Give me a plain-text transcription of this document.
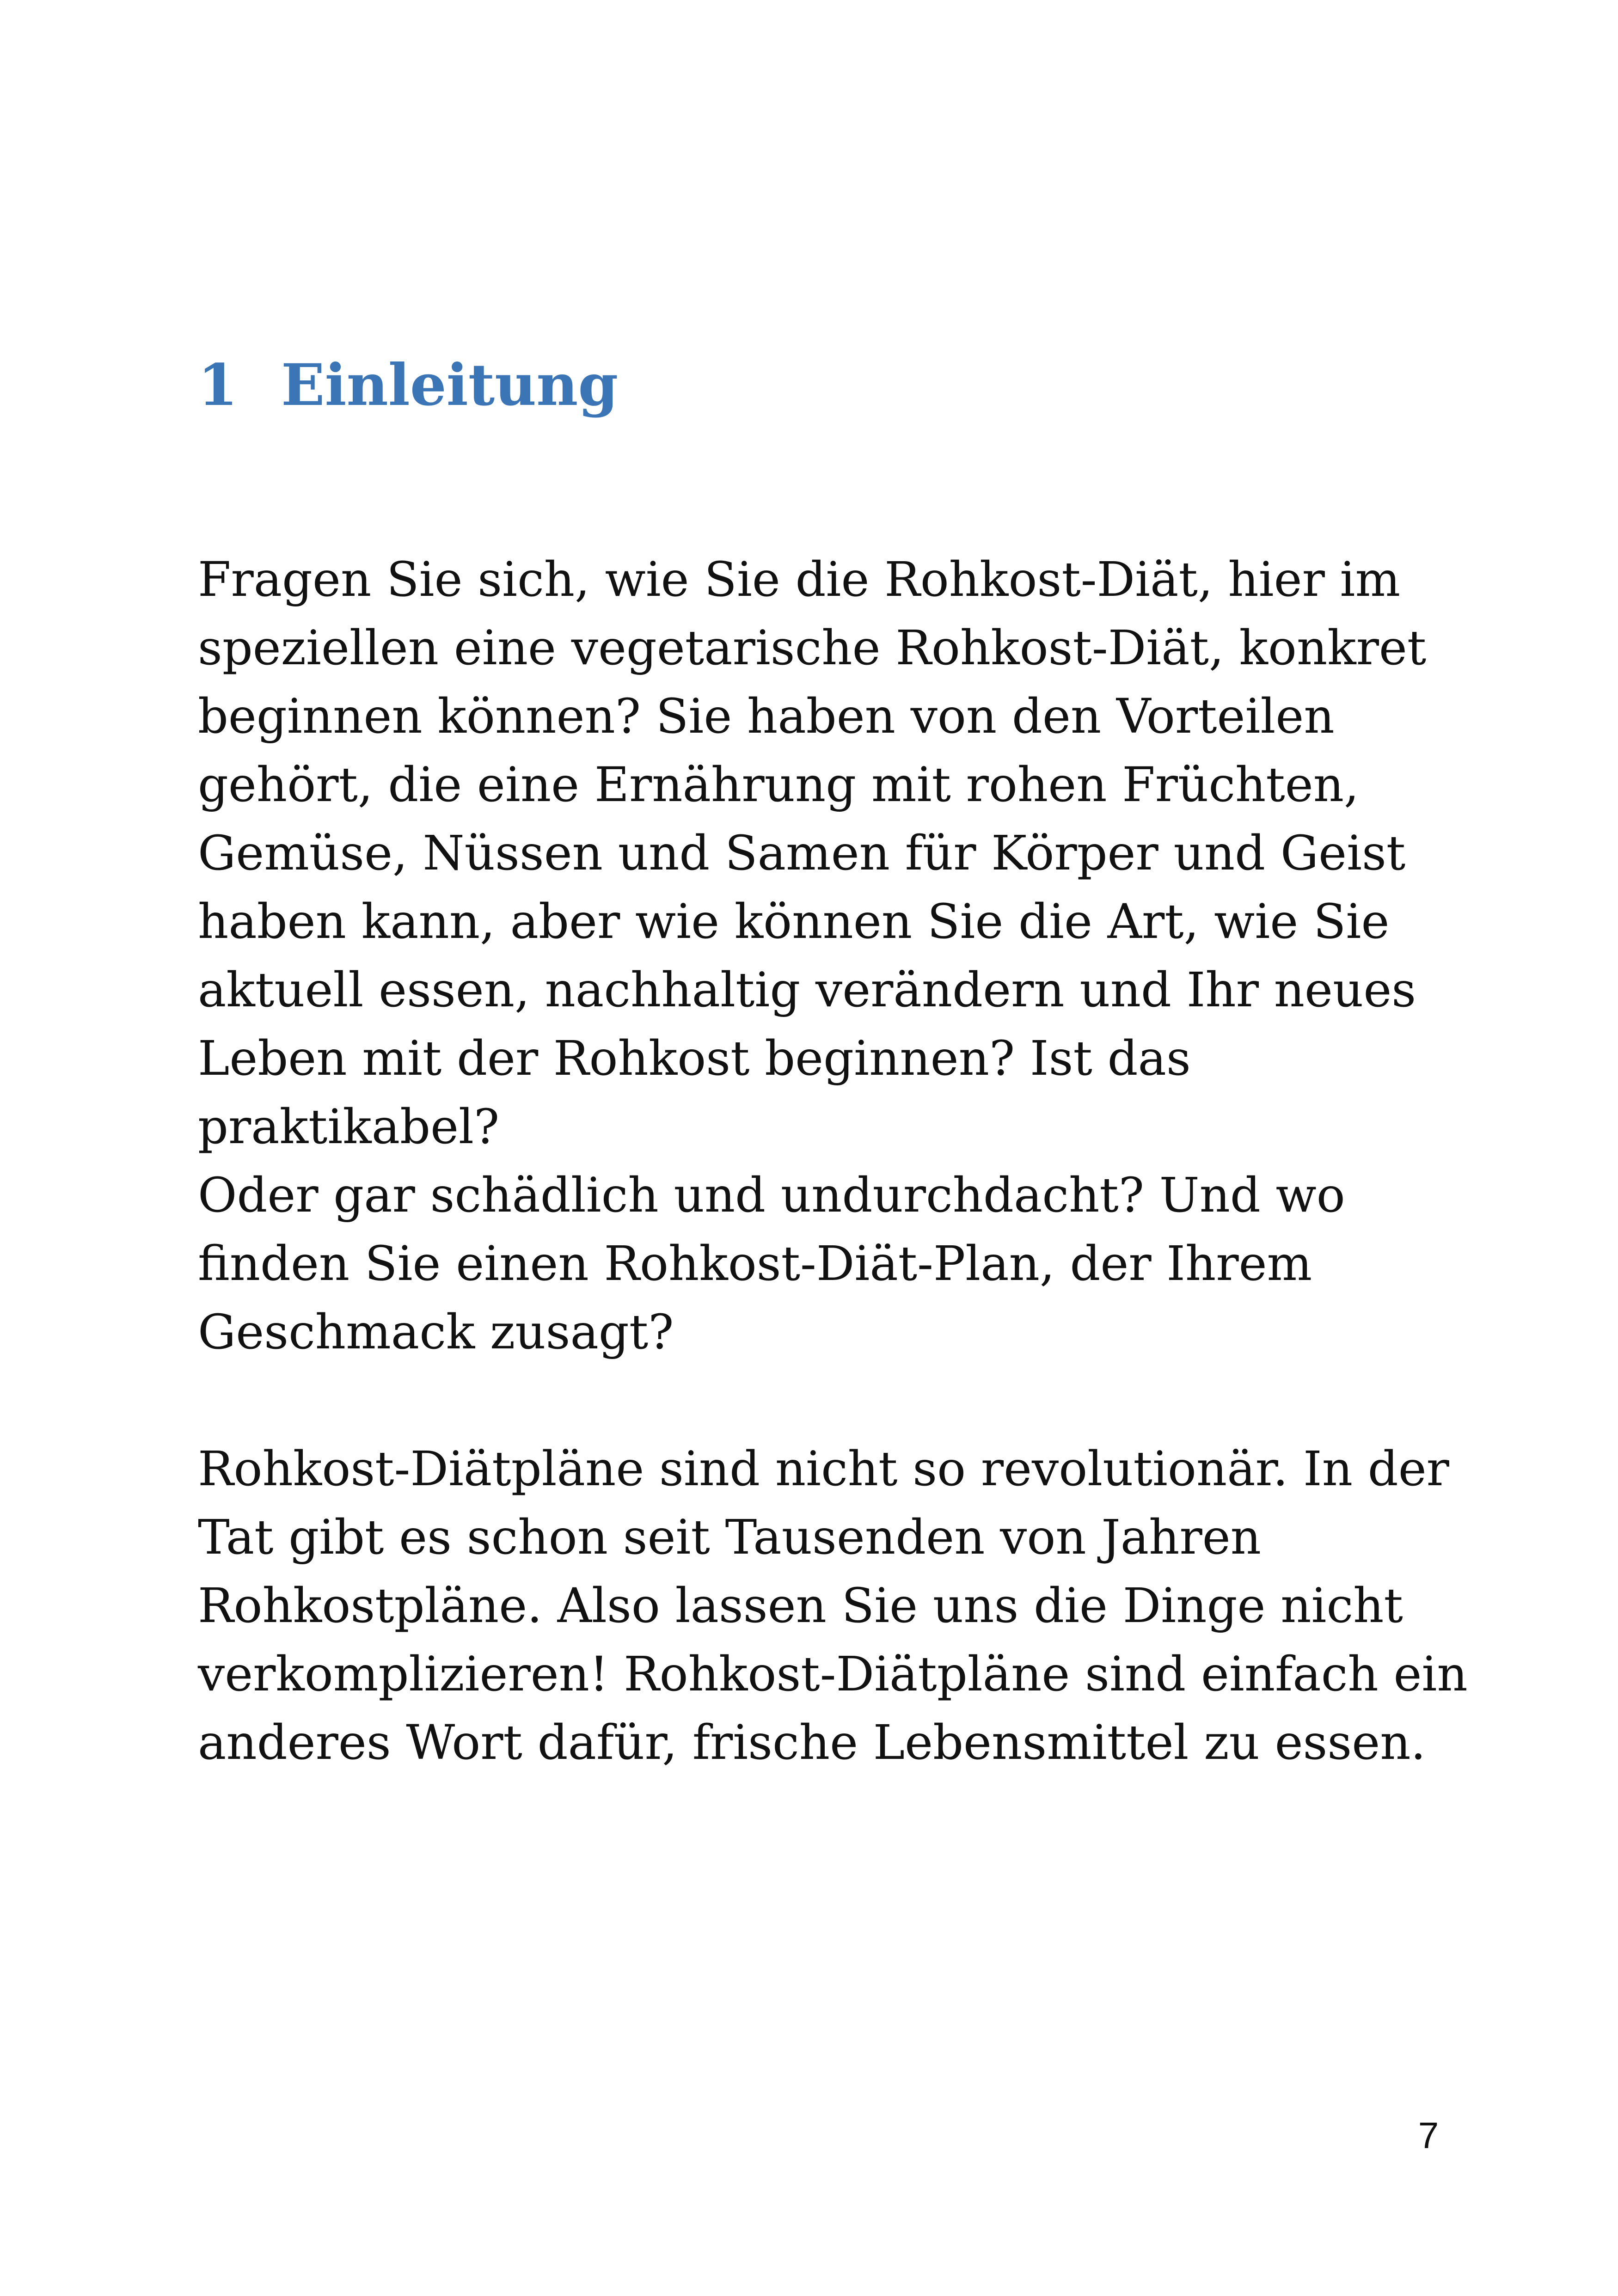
1 Einleitung

Fragen Sie sich, wie Sie die Rohkost-Diät, hier im
speziellen eine vegetarische Rohkost-Diät, konkret
beginnen können? Sie haben von den Vorteilen
gehört, die eine Ernährung mit rohen Früchten,
Gemüse, Nüssen und Samen für Körper und Geist
haben kann, aber wie können Sie die Art, wie Sie
aktuell essen, nachhaltig verändern und Ihr neues
Leben mit der Rohkost beginnen? Ist das
praktikabel?
Oder gar schädlich und undurchdacht? Und wo
finden Sie einen Rohkost-Diät-Plan, der Ihrem
Geschmack zusagt?

Rohkost-Diätpläne sind nicht so revolutionär. In der
Tat gibt es schon seit Tausenden von Jahren
Rohkostpläne. Also lassen Sie uns die Dinge nicht
verkomplizieren! Rohkost-Diätpläne sind einfach ein
anderes Wort dafür, frische Lebensmittel zu essen.

7
